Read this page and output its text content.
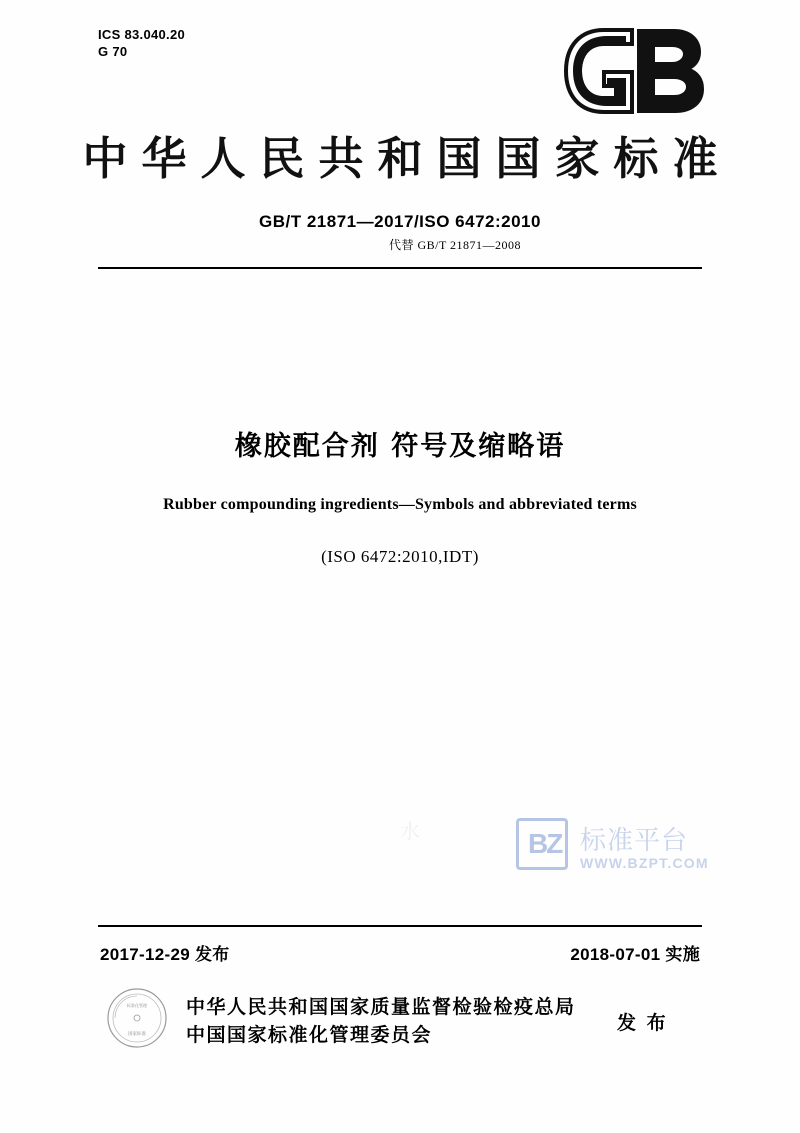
ICS 83.040.20
G 70
中华人民共和国国家标准
GB/T 21871—2017/ISO 6472:2010
代替 GB/T 21871—2008
橡胶配合剂 符号及缩略语
Rubber compounding ingredients—Symbols and abbreviated terms
(ISO 6472:2010,IDT)
水	BZ 标准平台
WWW.BZPT.COM
2017-12-29 发布	2018-07-01 实施
标准化管理
国家标准
中华人民共和国国家质量监督检验检疫总局
中国国家标准化管理委员会
发 布
